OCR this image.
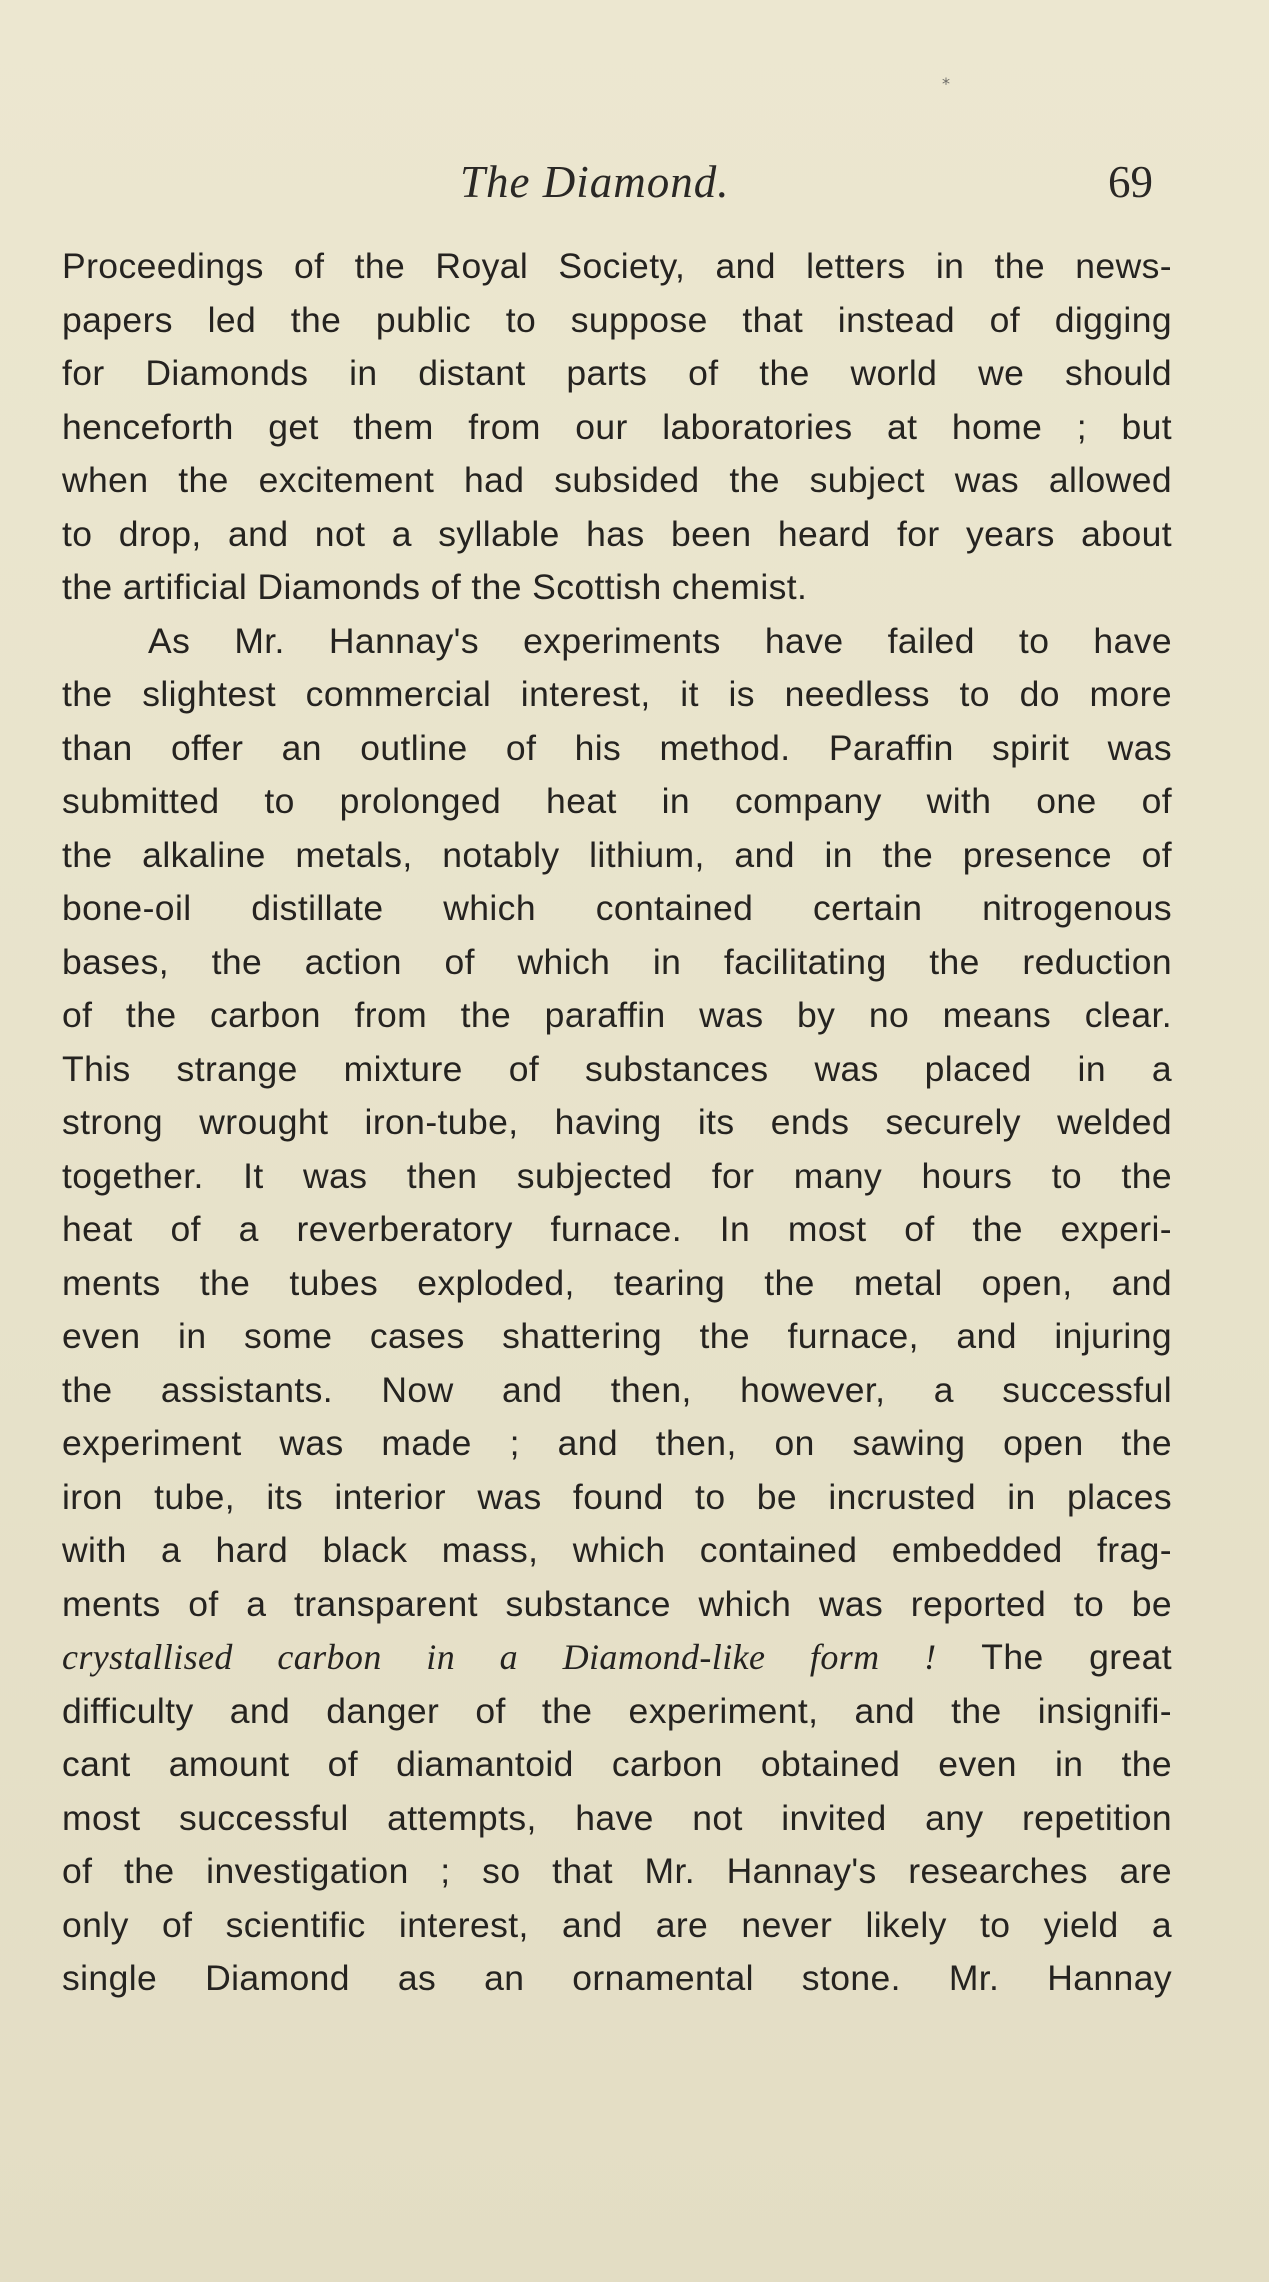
*
The Diamond.	69
Proceedings of the Royal Society, and letters in the news-
papers led the public to suppose that instead of digging
for Diamonds in distant parts of the world we should
henceforth get them from our laboratories at home ; but
when the excitement had subsided the subject was allowed
to drop, and not a syllable has been heard for years about
the artificial Diamonds of the Scottish chemist.
As Mr. Hannay's experiments have failed to have
the slightest commercial interest, it is needless to do more
than offer an outline of his method. Paraffin spirit was
submitted to prolonged heat in company with one of
the alkaline metals, notably lithium, and in the presence of
bone-oil distillate which contained certain nitrogenous
bases, the action of which in facilitating the reduction
of the carbon from the paraffin was by no means clear.
This strange mixture of substances was placed in a
strong wrought iron-tube, having its ends securely welded
together. It was then subjected for many hours to the
heat of a reverberatory furnace. In most of the experi-
ments the tubes exploded, tearing the metal open, and
even in some cases shattering the furnace, and injuring
the assistants. Now and then, however, a successful
experiment was made ; and then, on sawing open the
iron tube, its interior was found to be incrusted in places
with a hard black mass, which contained embedded frag-
ments of a transparent substance which was reported to be
crystallised carbon in a Diamond-like form ! The great
difficulty and danger of the experiment, and the insignifi-
cant amount of diamantoid carbon obtained even in the
most successful attempts, have not invited any repetition
of the investigation ; so that Mr. Hannay's researches are
only of scientific interest, and are never likely to yield a
single Diamond as an ornamental stone. Mr. Hannay
